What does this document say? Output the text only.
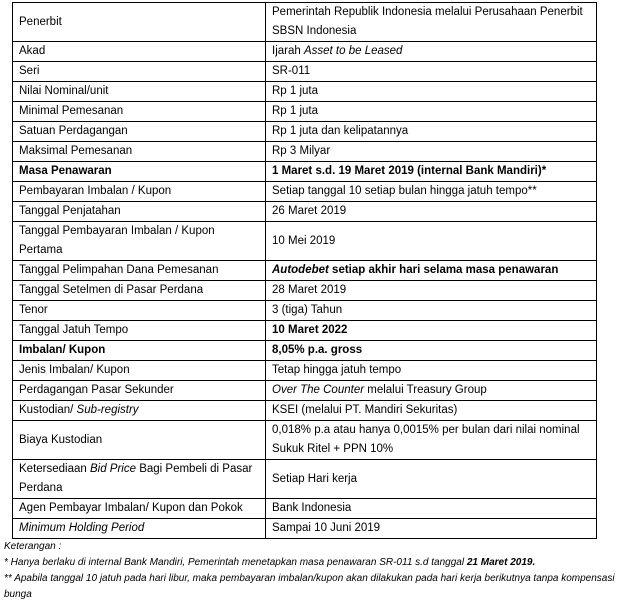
Penerbit	Pemerintah Republik Indonesia melalui Perusahaan Penerbit SBSN Indonesia
Akad	Ijarah Asset to be Leased
Seri	SR-011
Nilai Nominal/unit	Rp 1 juta
Minimal Pemesanan	Rp 1 juta
Satuan Perdagangan	Rp 1 juta dan kelipatannya
Maksimal Pemesanan	Rp 3 Milyar
Masa Penawaran	1 Maret s.d. 19 Maret 2019 (internal Bank Mandiri)*
Pembayaran Imbalan / Kupon	Setiap tanggal 10 setiap bulan hingga jatuh tempo**
Tanggal Penjatahan	26 Maret 2019
Tanggal Pembayaran Imbalan / Kupon Pertama	10 Mei 2019
Tanggal Pelimpahan Dana Pemesanan	Autodebet setiap akhir hari selama masa penawaran
Tanggal Setelmen di Pasar Perdana	28 Maret 2019
Tenor	3 (tiga) Tahun
Tanggal Jatuh Tempo	10 Maret 2022
Imbalan/ Kupon	8,05% p.a. gross
Jenis Imbalan/ Kupon	Tetap hingga jatuh tempo
Perdagangan Pasar Sekunder	Over The Counter melalui Treasury Group
Kustodian/ Sub-registry	KSEI (melalui PT. Mandiri Sekuritas)
Biaya Kustodian	0,018% p.a atau hanya 0,0015% per bulan dari nilai nominal Sukuk Ritel + PPN 10%
Ketersediaan Bid Price Bagi Pembeli di Pasar Perdana	Setiap Hari kerja
Agen Pembayar Imbalan/ Kupon dan Pokok	Bank Indonesia
Minimum Holding Period	Sampai 10 Juni 2019

Keterangan :

* Hanya berlaku di internal Bank Mandiri, Pemerintah menetapkan masa penawaran SR-011 s.d tanggal 21 Maret 2019.

** Apabila tanggal 10 jatuh pada hari libur, maka pembayaran imbalan/kupon akan dilakukan pada hari kerja berikutnya tanpa kompensasi bunga
